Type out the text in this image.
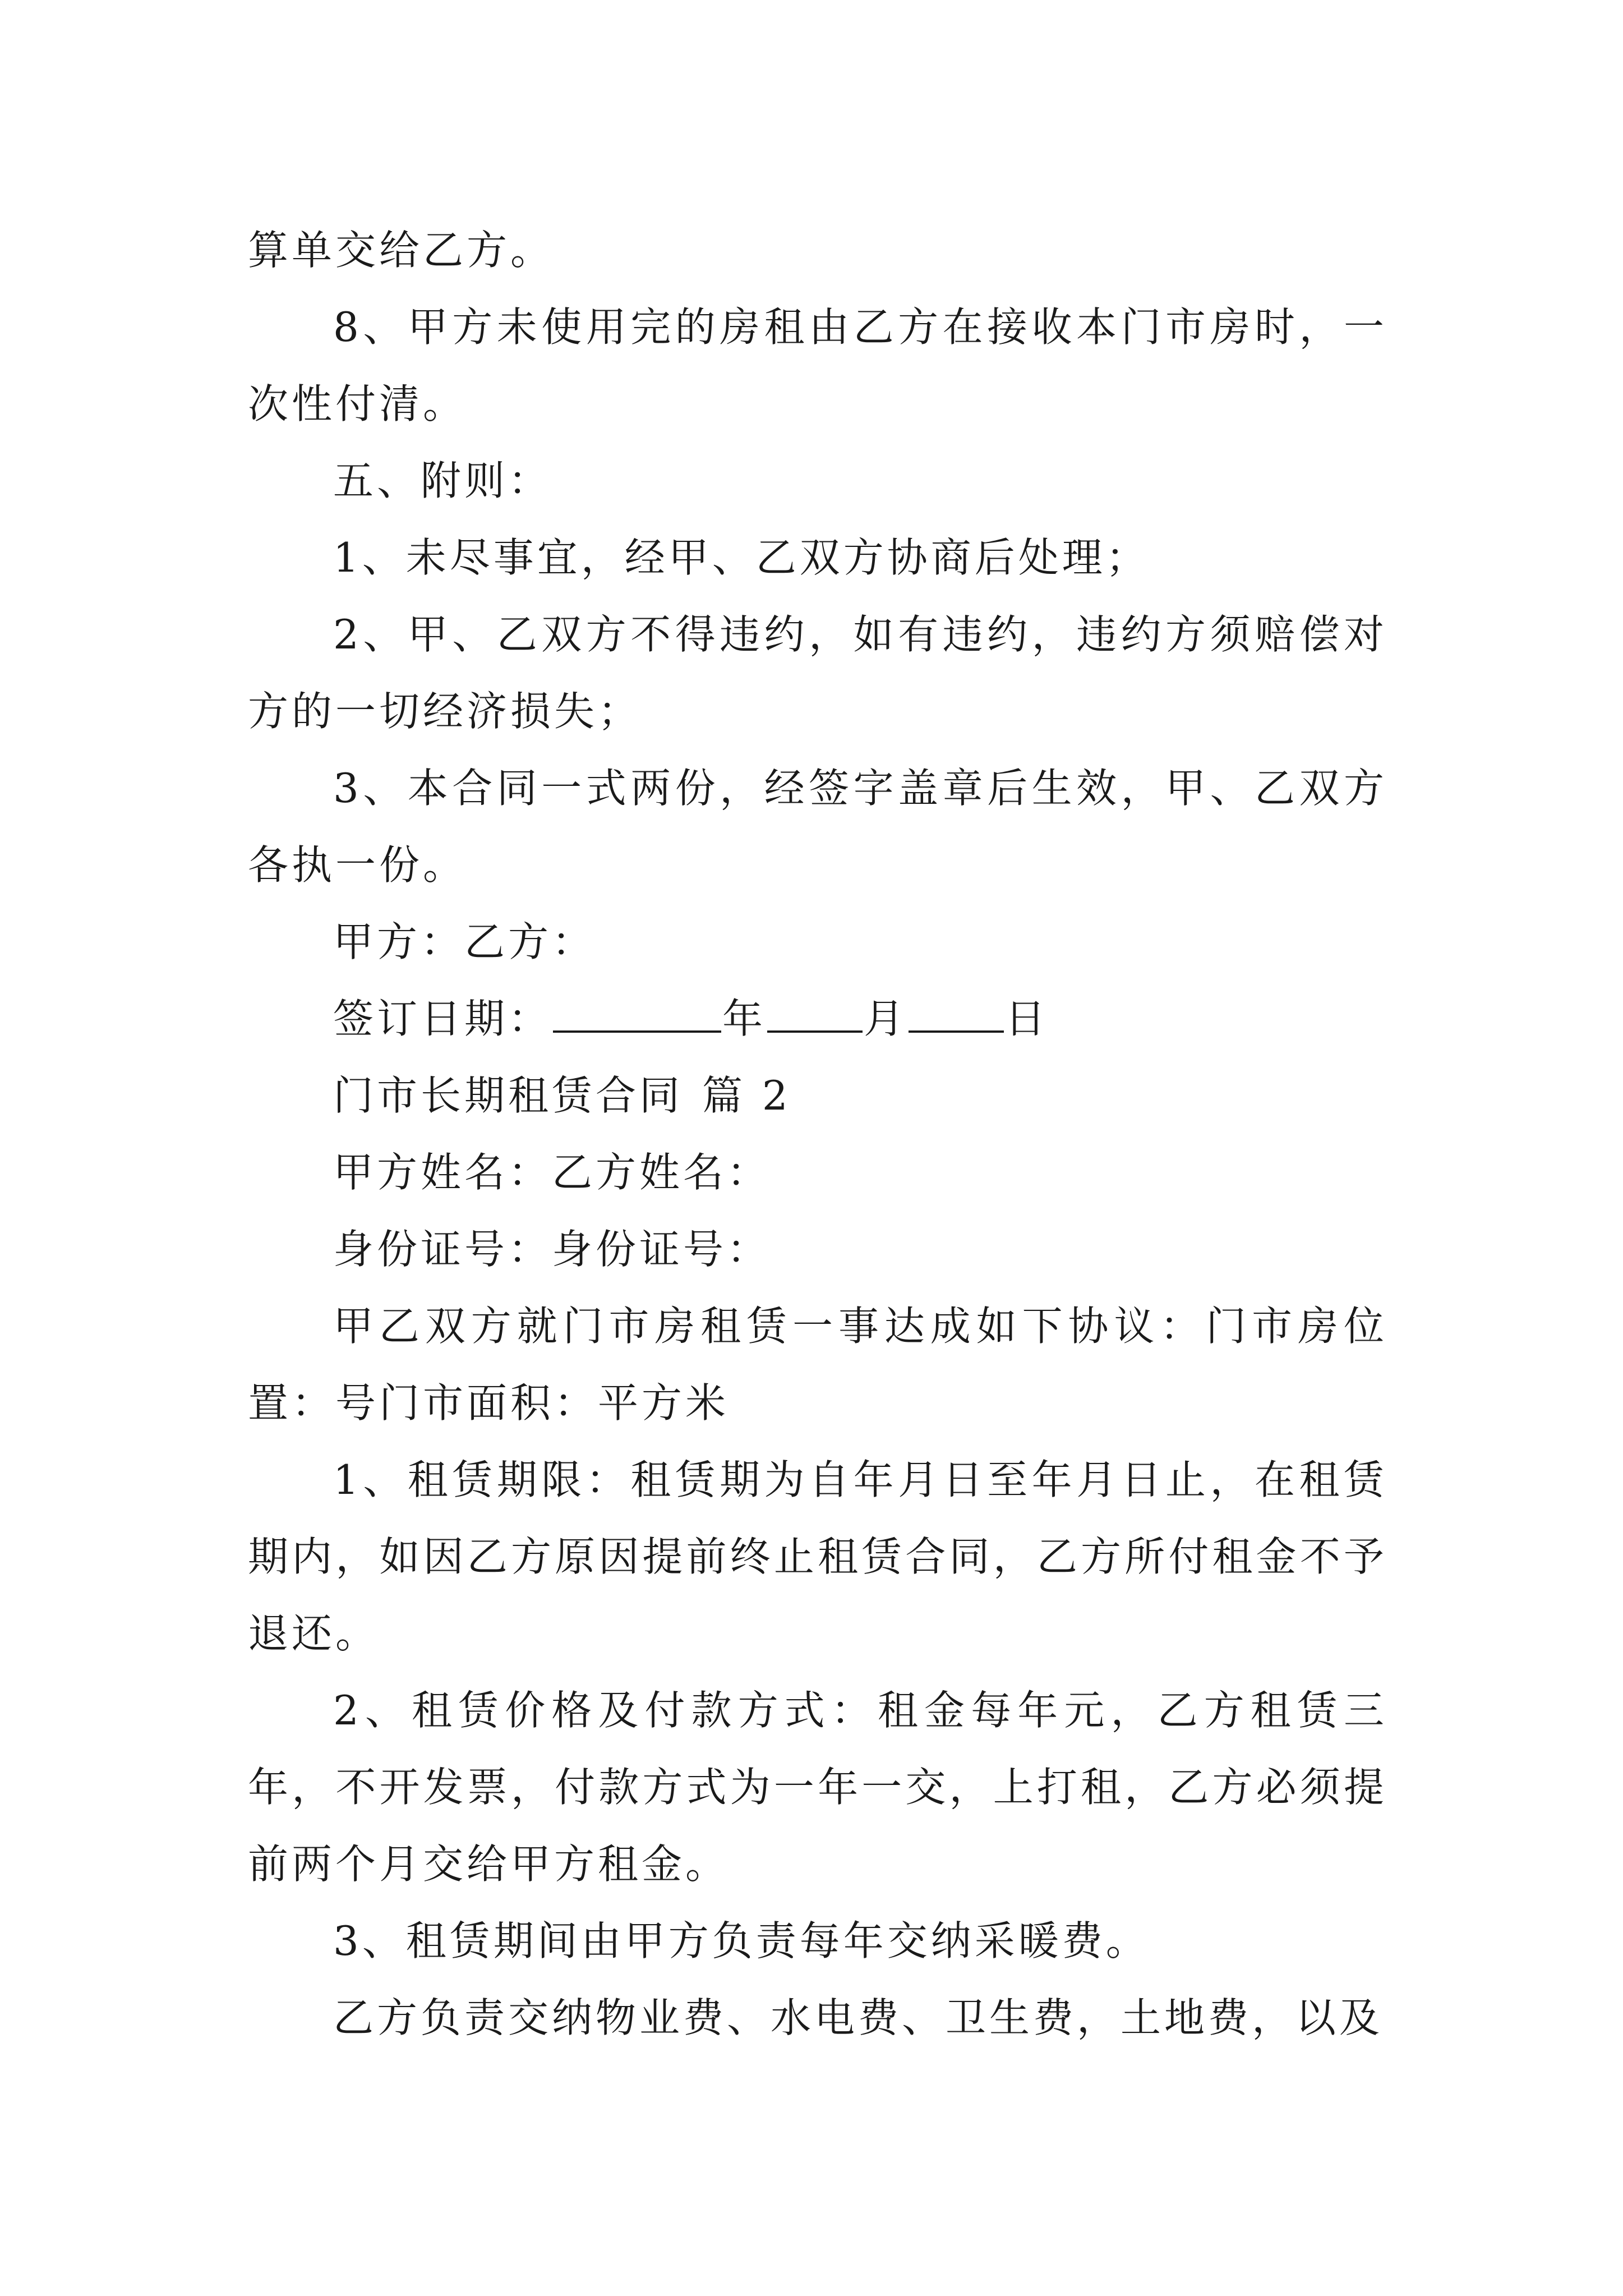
算单交给乙方。

8、甲方未使用完的房租由乙方在接收本门市房时，一次性付清。

五、附则：

1、未尽事宜，经甲、乙双方协商后处理；

2、甲、乙双方不得违约，如有违约，违约方须赔偿对方的一切经济损失；

3、本合同一式两份，经签字盖章后生效，甲、乙双方各执一份。

甲方：乙方：

签订日期：	年 月 日

门市长期租赁合同 篇 2

甲方姓名：乙方姓名：

身份证号：身份证号：

甲乙双方就门市房租赁一事达成如下协议：门市房位置：号门市面积：平方米

1、租赁期限：租赁期为自年月日至年月日止，在租赁期内，如因乙方原因提前终止租赁合同，乙方所付租金不予退还。

2、租赁价格及付款方式：租金每年元，乙方租赁三年，不开发票，付款方式为一年一交，上打租，乙方必须提前两个月交给甲方租金。

3、租赁期间由甲方负责每年交纳采暖费。

乙方负责交纳物业费、水电费、卫生费，土地费，以及
